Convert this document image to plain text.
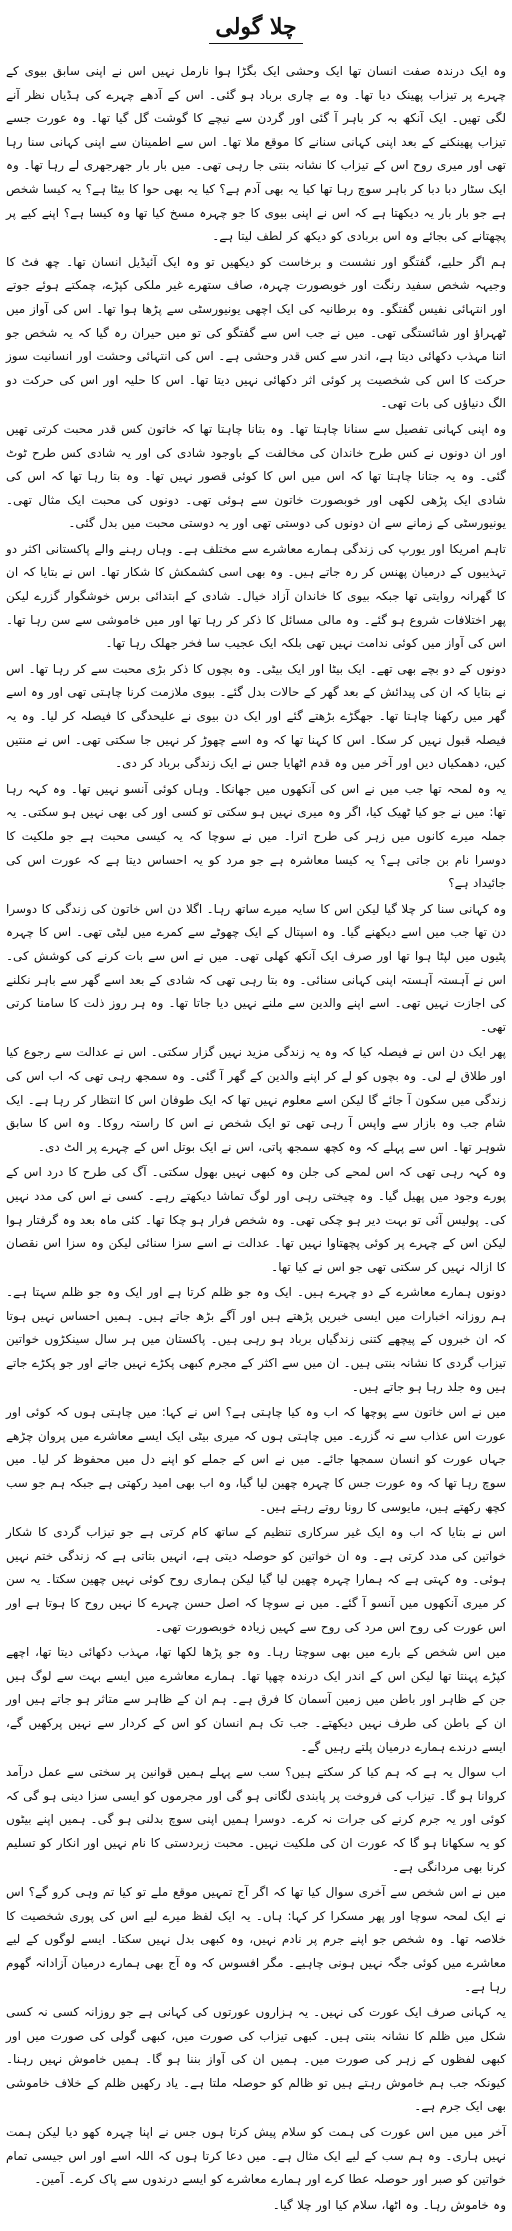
چلا گولی

وہ ایک درندہ صفت انسان تھا ایک وحشی ایک بگڑا ہوا نارمل نہیں اس نے اپنی سابق بیوی کے چہرے پر تیزاب پھینک دیا تھا۔ وہ بے چاری برباد ہو گئی۔ اس کے آدھے چہرے کی ہڈیاں نظر آنے لگی تھیں۔ ایک آنکھ بہ کر باہر آ گئی اور گردن سے نیچے کا گوشت گل گیا تھا۔ وہ عورت جسے تیزاب پھینکنے کے بعد اپنی کہانی سنانے کا موقع ملا تھا۔ اس سے اطمینان سے اپنی کہانی سنا رہا تھی اور میری روح اس کے تیزاب کا نشانہ بنتی جا رہی تھی۔ میں بار بار جھرجھری لے رہا تھا۔ وہ ایک سٹار دبا دبا کر باہر سوچ رہا تھا کیا یہ بھی آدم ہے؟ کیا یہ بھی حوا کا بیٹا ہے؟ یہ کیسا شخص ہے جو بار بار یہ دیکھتا ہے کہ اس نے اپنی بیوی کا جو چہرہ مسخ کیا تھا وہ کیسا ہے؟ اپنے کیے پر پچھتانے کی بجائے وہ اس بربادی کو دیکھ کر لطف لیتا ہے۔

ہم اگر حلیے، گفتگو اور نشست و برخاست کو دیکھیں تو وہ ایک آئیڈیل انسان تھا۔ چھ فٹ کا وجیہہ شخص سفید رنگت اور خوبصورت چہرہ، صاف ستھرے غیر ملکی کپڑے، چمکتے ہوئے جوتے اور انتہائی نفیس گفتگو۔ وہ برطانیہ کی ایک اچھی یونیورسٹی سے پڑھا ہوا تھا۔ اس کی آواز میں ٹھہراؤ اور شائستگی تھی۔ میں نے جب اس سے گفتگو کی تو میں حیران رہ گیا کہ یہ شخص جو اتنا مہذب دکھائی دیتا ہے، اندر سے کس قدر وحشی ہے۔ اس کی انتہائی وحشت اور انسانیت سوز حرکت کا اس کی شخصیت پر کوئی اثر دکھائی نہیں دیتا تھا۔ اس کا حلیہ اور اس کی حرکت دو الگ دنیاؤں کی بات تھی۔

وہ اپنی کہانی تفصیل سے سنانا چاہتا تھا۔ وہ بتانا چاہتا تھا کہ خاتون کس قدر محبت کرتی تھیں اور ان دونوں نے کس طرح خاندان کی مخالفت کے باوجود شادی کی اور یہ شادی کس طرح ٹوٹ گئی۔ وہ یہ جتانا چاہتا تھا کہ اس میں اس کا کوئی قصور نہیں تھا۔ وہ بتا رہا تھا کہ اس کی شادی ایک پڑھی لکھی اور خوبصورت خاتون سے ہوئی تھی۔ دونوں کی محبت ایک مثال تھی۔ یونیورسٹی کے زمانے سے ان دونوں کی دوستی تھی اور یہ دوستی محبت میں بدل گئی۔

تاہم امریکا اور یورپ کی زندگی ہمارے معاشرے سے مختلف ہے۔ وہاں رہنے والے پاکستانی اکثر دو تہذیبوں کے درمیان پھنس کر رہ جاتے ہیں۔ وہ بھی اسی کشمکش کا شکار تھا۔ اس نے بتایا کہ ان کا گھرانہ روایتی تھا جبکہ بیوی کا خاندان آزاد خیال۔ شادی کے ابتدائی برس خوشگوار گزرے لیکن پھر اختلافات شروع ہو گئے۔ وہ مالی مسائل کا ذکر کر رہا تھا اور میں خاموشی سے سن رہا تھا۔ اس کی آواز میں کوئی ندامت نہیں تھی بلکہ ایک عجیب سا فخر جھلک رہا تھا۔

دونوں کے دو بچے بھی تھے۔ ایک بیٹا اور ایک بیٹی۔ وہ بچوں کا ذکر بڑی محبت سے کر رہا تھا۔ اس نے بتایا کہ ان کی پیدائش کے بعد گھر کے حالات بدل گئے۔ بیوی ملازمت کرنا چاہتی تھی اور وہ اسے گھر میں رکھنا چاہتا تھا۔ جھگڑے بڑھتے گئے اور ایک دن بیوی نے علیحدگی کا فیصلہ کر لیا۔ وہ یہ فیصلہ قبول نہیں کر سکا۔ اس کا کہنا تھا کہ وہ اسے چھوڑ کر نہیں جا سکتی تھی۔ اس نے منتیں کیں، دھمکیاں دیں اور آخر میں وہ قدم اٹھایا جس نے ایک زندگی برباد کر دی۔

یہ وہ لمحہ تھا جب میں نے اس کی آنکھوں میں جھانکا۔ وہاں کوئی آنسو نہیں تھا۔ وہ کہہ رہا تھا: میں نے جو کیا ٹھیک کیا، اگر وہ میری نہیں ہو سکتی تو کسی اور کی بھی نہیں ہو سکتی۔ یہ جملہ میرے کانوں میں زہر کی طرح اترا۔ میں نے سوچا کہ یہ کیسی محبت ہے جو ملکیت کا دوسرا نام بن جاتی ہے؟ یہ کیسا معاشرہ ہے جو مرد کو یہ احساس دیتا ہے کہ عورت اس کی جائیداد ہے؟

وہ کہانی سنا کر چلا گیا لیکن اس کا سایہ میرے ساتھ رہا۔ اگلا دن اس خاتون کی زندگی کا دوسرا دن تھا جب میں اسے دیکھنے گیا۔ وہ اسپتال کے ایک چھوٹے سے کمرے میں لیٹی تھی۔ اس کا چہرہ پٹیوں میں لپٹا ہوا تھا اور صرف ایک آنکھ کھلی تھی۔ میں نے اس سے بات کرنے کی کوشش کی۔ اس نے آہستہ آہستہ اپنی کہانی سنائی۔ وہ بتا رہی تھی کہ شادی کے بعد اسے گھر سے باہر نکلنے کی اجازت نہیں تھی۔ اسے اپنے والدین سے ملنے نہیں دیا جاتا تھا۔ وہ ہر روز ذلت کا سامنا کرتی تھی۔

پھر ایک دن اس نے فیصلہ کیا کہ وہ یہ زندگی مزید نہیں گزار سکتی۔ اس نے عدالت سے رجوع کیا اور طلاق لے لی۔ وہ بچوں کو لے کر اپنے والدین کے گھر آ گئی۔ وہ سمجھ رہی تھی کہ اب اس کی زندگی میں سکون آ جائے گا لیکن اسے معلوم نہیں تھا کہ ایک طوفان اس کا انتظار کر رہا ہے۔ ایک شام جب وہ بازار سے واپس آ رہی تھی تو ایک شخص نے اس کا راستہ روکا۔ وہ اس کا سابق شوہر تھا۔ اس سے پہلے کہ وہ کچھ سمجھ پاتی، اس نے ایک بوتل اس کے چہرے پر الٹ دی۔

وہ کہہ رہی تھی کہ اس لمحے کی جلن وہ کبھی نہیں بھول سکتی۔ آگ کی طرح کا درد اس کے پورے وجود میں پھیل گیا۔ وہ چیختی رہی اور لوگ تماشا دیکھتے رہے۔ کسی نے اس کی مدد نہیں کی۔ پولیس آئی تو بہت دیر ہو چکی تھی۔ وہ شخص فرار ہو چکا تھا۔ کئی ماہ بعد وہ گرفتار ہوا لیکن اس کے چہرے پر کوئی پچھتاوا نہیں تھا۔ عدالت نے اسے سزا سنائی لیکن وہ سزا اس نقصان کا ازالہ نہیں کر سکتی تھی جو اس نے کیا تھا۔

دونوں ہمارے معاشرے کے دو چہرے ہیں۔ ایک وہ جو ظلم کرتا ہے اور ایک وہ جو ظلم سہتا ہے۔ ہم روزانہ اخبارات میں ایسی خبریں پڑھتے ہیں اور آگے بڑھ جاتے ہیں۔ ہمیں احساس نہیں ہوتا کہ ان خبروں کے پیچھے کتنی زندگیاں برباد ہو رہی ہیں۔ پاکستان میں ہر سال سینکڑوں خواتین تیزاب گردی کا نشانہ بنتی ہیں۔ ان میں سے اکثر کے مجرم کبھی پکڑے نہیں جاتے اور جو پکڑے جاتے ہیں وہ جلد رہا ہو جاتے ہیں۔

میں نے اس خاتون سے پوچھا کہ اب وہ کیا چاہتی ہے؟ اس نے کہا: میں چاہتی ہوں کہ کوئی اور عورت اس عذاب سے نہ گزرے۔ میں چاہتی ہوں کہ میری بیٹی ایک ایسے معاشرے میں پروان چڑھے جہاں عورت کو انسان سمجھا جائے۔ میں نے اس کے جملے کو اپنے دل میں محفوظ کر لیا۔ میں سوچ رہا تھا کہ وہ عورت جس کا چہرہ چھین لیا گیا، وہ اب بھی امید رکھتی ہے جبکہ ہم جو سب کچھ رکھتے ہیں، مایوسی کا رونا روتے رہتے ہیں۔

اس نے بتایا کہ اب وہ ایک غیر سرکاری تنظیم کے ساتھ کام کرتی ہے جو تیزاب گردی کا شکار خواتین کی مدد کرتی ہے۔ وہ ان خواتین کو حوصلہ دیتی ہے، انہیں بتاتی ہے کہ زندگی ختم نہیں ہوئی۔ وہ کہتی ہے کہ ہمارا چہرہ چھین لیا گیا لیکن ہماری روح کوئی نہیں چھین سکتا۔ یہ سن کر میری آنکھوں میں آنسو آ گئے۔ میں نے سوچا کہ اصل حسن چہرے کا نہیں روح کا ہوتا ہے اور اس عورت کی روح اس مرد کی روح سے کہیں زیادہ خوبصورت تھی۔

میں اس شخص کے بارے میں بھی سوچتا رہا۔ وہ جو پڑھا لکھا تھا، مہذب دکھائی دیتا تھا، اچھے کپڑے پہنتا تھا لیکن اس کے اندر ایک درندہ چھپا تھا۔ ہمارے معاشرے میں ایسے بہت سے لوگ ہیں جن کے ظاہر اور باطن میں زمین آسمان کا فرق ہے۔ ہم ان کے ظاہر سے متاثر ہو جاتے ہیں اور ان کے باطن کی طرف نہیں دیکھتے۔ جب تک ہم انسان کو اس کے کردار سے نہیں پرکھیں گے، ایسے درندے ہمارے درمیان پلتے رہیں گے۔

اب سوال یہ ہے کہ ہم کیا کر سکتے ہیں؟ سب سے پہلے ہمیں قوانین پر سختی سے عمل درآمد کروانا ہو گا۔ تیزاب کی فروخت پر پابندی لگانی ہو گی اور مجرموں کو ایسی سزا دینی ہو گی کہ کوئی اور یہ جرم کرنے کی جرات نہ کرے۔ دوسرا ہمیں اپنی سوچ بدلنی ہو گی۔ ہمیں اپنے بیٹوں کو یہ سکھانا ہو گا کہ عورت ان کی ملکیت نہیں۔ محبت زبردستی کا نام نہیں اور انکار کو تسلیم کرنا بھی مردانگی ہے۔

میں نے اس شخص سے آخری سوال کیا تھا کہ اگر آج تمہیں موقع ملے تو کیا تم وہی کرو گے؟ اس نے ایک لمحہ سوچا اور پھر مسکرا کر کہا: ہاں۔ یہ ایک لفظ میرے لیے اس کی پوری شخصیت کا خلاصہ تھا۔ وہ شخص جو اپنے جرم پر نادم نہیں، وہ کبھی بدل نہیں سکتا۔ ایسے لوگوں کے لیے معاشرے میں کوئی جگہ نہیں ہونی چاہیے۔ مگر افسوس کہ وہ آج بھی ہمارے درمیان آزادانہ گھوم رہا ہے۔

یہ کہانی صرف ایک عورت کی نہیں۔ یہ ہزاروں عورتوں کی کہانی ہے جو روزانہ کسی نہ کسی شکل میں ظلم کا نشانہ بنتی ہیں۔ کبھی تیزاب کی صورت میں، کبھی گولی کی صورت میں اور کبھی لفظوں کے زہر کی صورت میں۔ ہمیں ان کی آواز بننا ہو گا۔ ہمیں خاموش نہیں رہنا۔ کیونکہ جب ہم خاموش رہتے ہیں تو ظالم کو حوصلہ ملتا ہے۔ یاد رکھیں ظلم کے خلاف خاموشی بھی ایک جرم ہے۔

آخر میں میں اس عورت کی ہمت کو سلام پیش کرتا ہوں جس نے اپنا چہرہ کھو دیا لیکن ہمت نہیں ہاری۔ وہ ہم سب کے لیے ایک مثال ہے۔ میں دعا کرتا ہوں کہ اللہ اسے اور اس جیسی تمام خواتین کو صبر اور حوصلہ عطا کرے اور ہمارے معاشرے کو ایسے درندوں سے پاک کرے۔ آمین۔

وہ خاموش رہا۔ وہ اٹھا، سلام کیا اور چلا گیا۔
